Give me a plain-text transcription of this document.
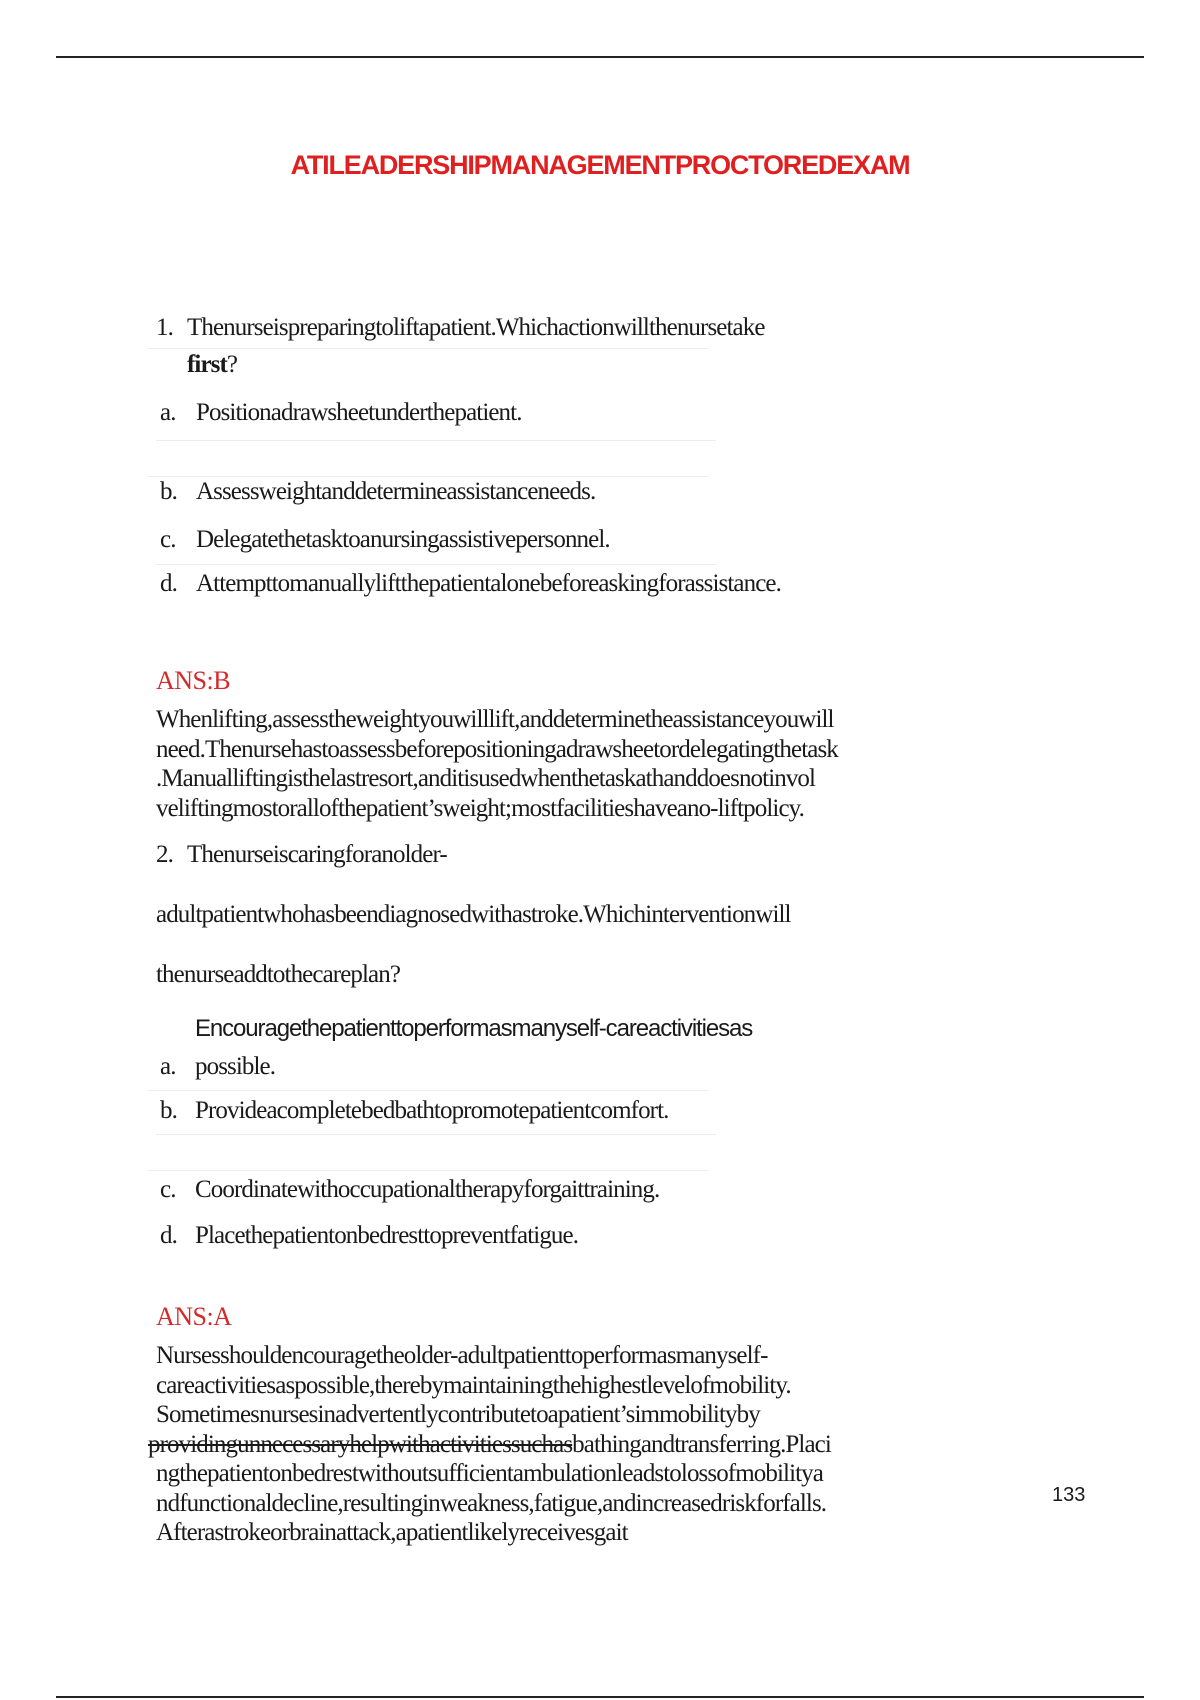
ATILEADERSHIPMANAGEMENTPROCTOREDEXAM
1. Thenurseispreparingtoliftapatient.Whichactionwillthenursetake
first?
a. Positionadrawsheetunderthepatient.
b. Assessweightanddetermineassistanceneeds.
c. Delegatethetasktoanursingassistivepersonnel.
d. Attempttomanuallyliftthepatientalonebeforeaskingforassistance.
ANS:B
Whenlifting,assesstheweightyouwilllift,anddeterminetheassistanceyouwill
need.Thenursehastoassessbeforepositioningadrawsheetordelegatingthetask
.Manualliftingisthelastresort,anditisusedwhenthetaskathanddoesnotinvol
veliftingmostorallofthepatient’sweight;mostfacilitieshaveano-liftpolicy.
2. Thenurseiscaringforanolder-
adultpatientwhohasbeendiagnosedwithastroke.Whichinterventionwill
thenurseaddtothecareplan?
Encouragethepatienttoperformasmanyself-careactivitiesas
a. possible.
b. Provideacompletebedbathtopromotepatientcomfort.
c. Coordinatewithoccupationaltherapyforgaittraining.
d. Placethepatientonbedresttopreventfatigue.
ANS:A
Nursesshouldencouragetheolder-adultpatienttoperformasmanyself-
careactivitiesaspossible,therebymaintainingthehighestlevelofmobility.
Sometimesnursesinadvertentlycontributetoapatient’simmobilityby
providingunnecessaryhelpwithactivitiessuchasbathingandtransferring.Placi
ngthepatientonbedrestwithoutsufficientambulationleadstolossofmobilitya
ndfunctionaldecline,resultinginweakness,fatigue,andincreasedriskforfalls.
Afterastrokeorbrainattack,apatientlikelyreceivesgait
133
